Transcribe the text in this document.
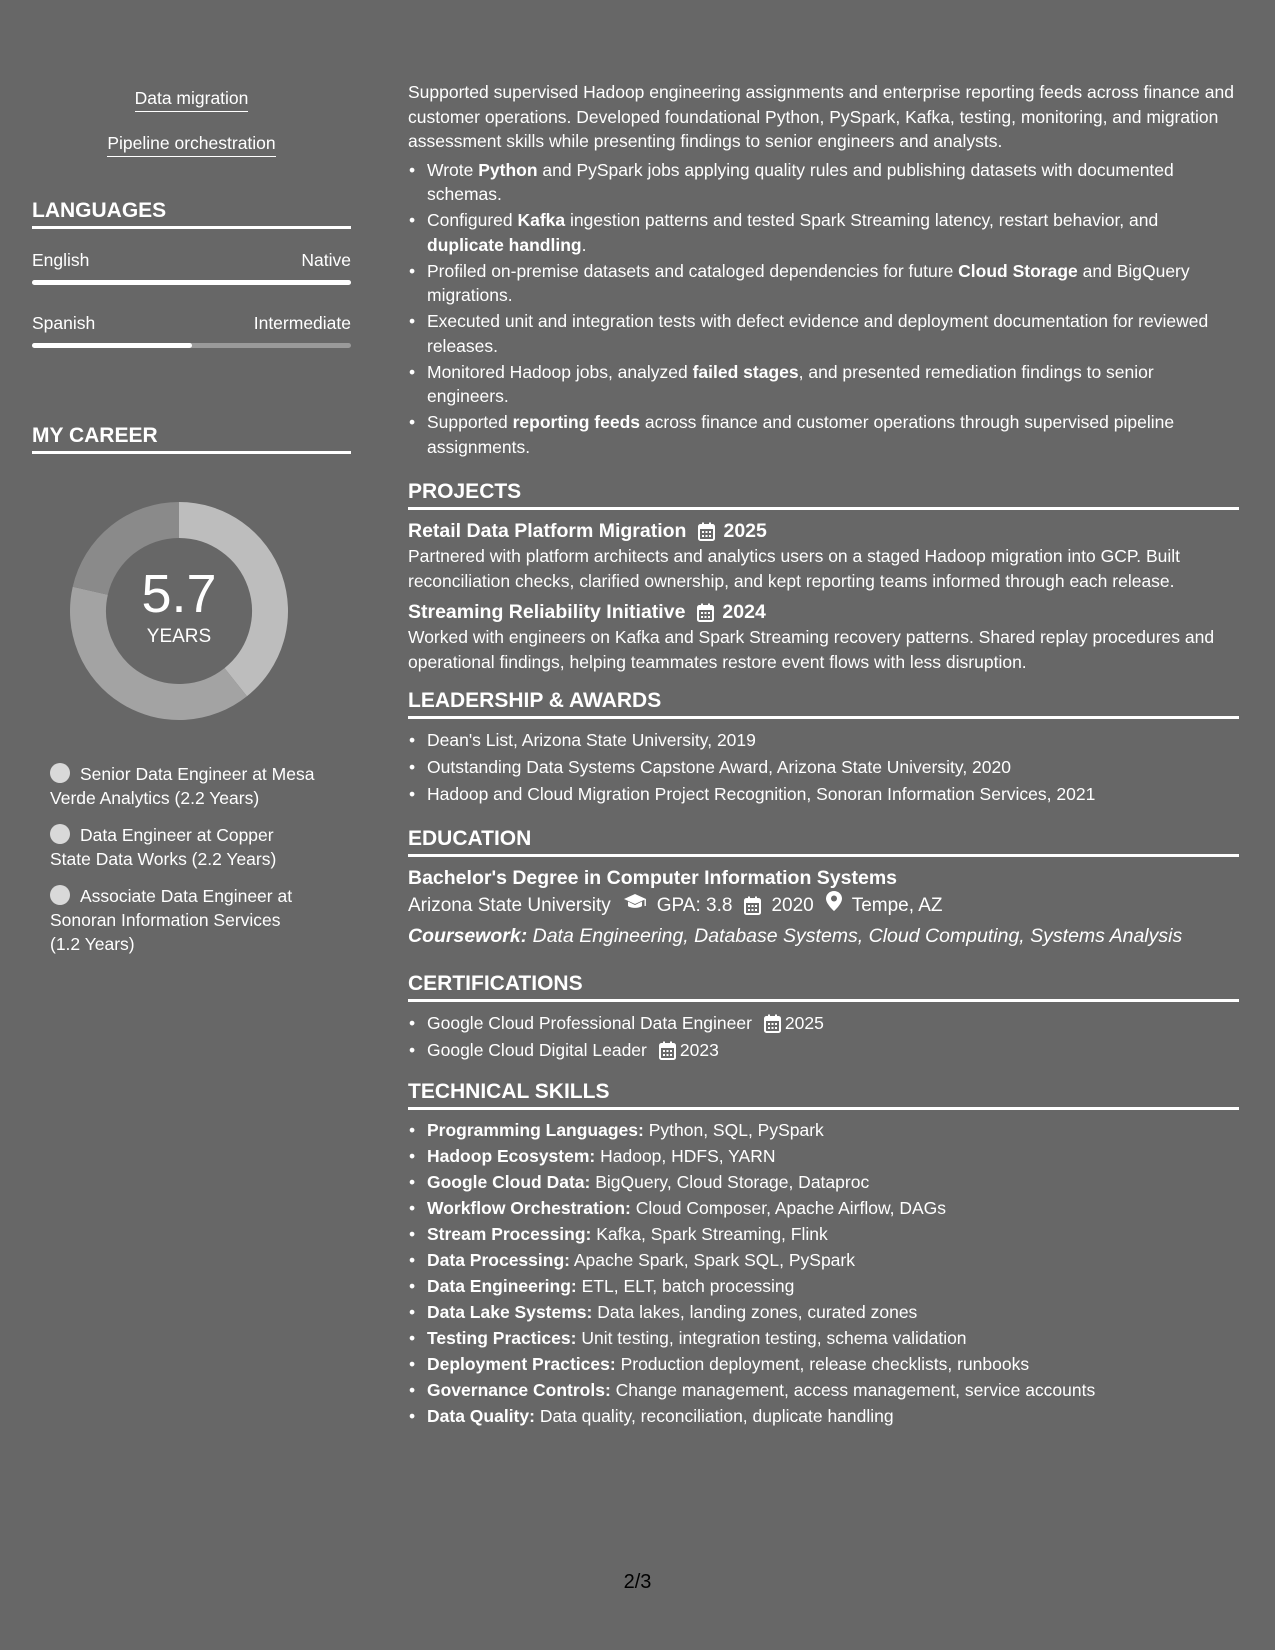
Data migration
Pipeline orchestration
LANGUAGES
English	Native
Spanish	Intermediate
MY CAREER
5.7
YEARS
Senior Data Engineer at Mesa Verde Analytics (2.2 Years)
Data Engineer at Copper State Data Works (2.2 Years)
Associate Data Engineer at Sonoran Information Services (1.2 Years)
Supported supervised Hadoop engineering assignments and enterprise reporting feeds across finance and customer operations. Developed foundational Python, PySpark, Kafka, testing, monitoring, and migration assessment skills while presenting findings to senior engineers and analysts.
• Wrote Python and PySpark jobs applying quality rules and publishing datasets with documented schemas.
• Configured Kafka ingestion patterns and tested Spark Streaming latency, restart behavior, and duplicate handling.
• Profiled on-premise datasets and cataloged dependencies for future Cloud Storage and BigQuery migrations.
• Executed unit and integration tests with defect evidence and deployment documentation for reviewed releases.
• Monitored Hadoop jobs, analyzed failed stages, and presented remediation findings to senior engineers.
• Supported reporting feeds across finance and customer operations through supervised pipeline assignments.
PROJECTS
Retail Data Platform Migration 2025
Partnered with platform architects and analytics users on a staged Hadoop migration into GCP. Built reconciliation checks, clarified ownership, and kept reporting teams informed through each release.
Streaming Reliability Initiative 2024
Worked with engineers on Kafka and Spark Streaming recovery patterns. Shared replay procedures and operational findings, helping teammates restore event flows with less disruption.
LEADERSHIP & AWARDS
• Dean's List, Arizona State University, 2019
• Outstanding Data Systems Capstone Award, Arizona State University, 2020
• Hadoop and Cloud Migration Project Recognition, Sonoran Information Services, 2021
EDUCATION
Bachelor's Degree in Computer Information Systems
Arizona State University GPA: 3.8 2020 Tempe, AZ
Coursework: Data Engineering, Database Systems, Cloud Computing, Systems Analysis
CERTIFICATIONS
• Google Cloud Professional Data Engineer 2025
• Google Cloud Digital Leader 2023
TECHNICAL SKILLS
• Programming Languages: Python, SQL, PySpark
• Hadoop Ecosystem: Hadoop, HDFS, YARN
• Google Cloud Data: BigQuery, Cloud Storage, Dataproc
• Workflow Orchestration: Cloud Composer, Apache Airflow, DAGs
• Stream Processing: Kafka, Spark Streaming, Flink
• Data Processing: Apache Spark, Spark SQL, PySpark
• Data Engineering: ETL, ELT, batch processing
• Data Lake Systems: Data lakes, landing zones, curated zones
• Testing Practices: Unit testing, integration testing, schema validation
• Deployment Practices: Production deployment, release checklists, runbooks
• Governance Controls: Change management, access management, service accounts
• Data Quality: Data quality, reconciliation, duplicate handling
2/3
